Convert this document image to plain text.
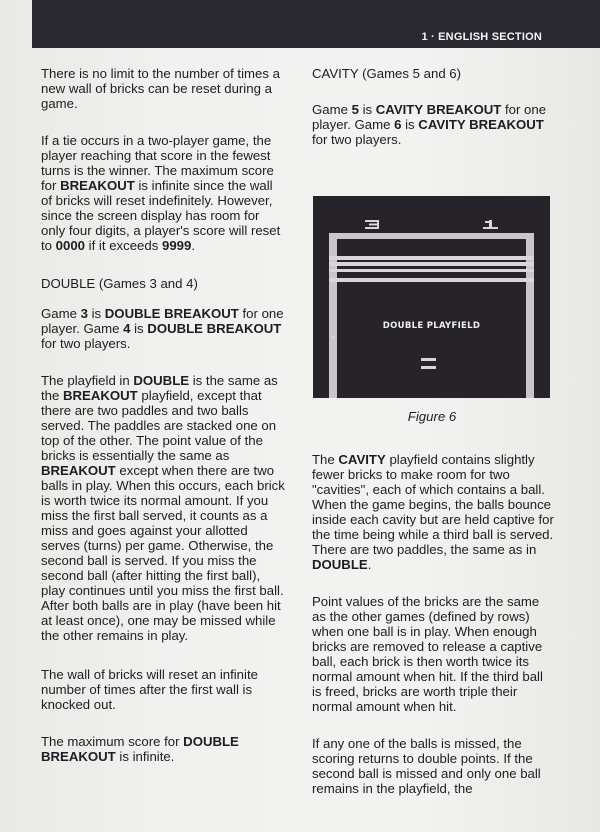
1 · ENGLISH SECTION

There is no limit to the number of times a new wall of bricks can be reset during a game.

If a tie occurs in a two-player game, the player reaching that score in the fewest turns is the winner. The maximum score for BREAKOUT is infinite since the wall of bricks will reset indefinitely. However, since the screen display has room for only four digits, a player's score will reset to 0000 if it exceeds 9999.

DOUBLE (Games 3 and 4)

Game 3 is DOUBLE BREAKOUT for one player. Game 4 is DOUBLE BREAKOUT for two players.

The playfield in DOUBLE is the same as the BREAKOUT playfield, except that there are two paddles and two balls served. The paddles are stacked one on top of the other. The point value of the bricks is essentially the same as BREAKOUT except when there are two balls in play. When this occurs, each brick is worth twice its normal amount. If you miss the first ball served, it counts as a miss and goes against your allotted serves (turns) per game. Otherwise, the second ball is served. If you miss the second ball (after hitting the first ball), play continues until you miss the first ball. After both balls are in play (have been hit at least once), one may be missed while the other remains in play.

The wall of bricks will reset an infinite number of times after the first wall is knocked out.

The maximum score for DOUBLE BREAKOUT is infinite.

CAVITY (Games 5 and 6)

Game 5 is CAVITY BREAKOUT for one player. Game 6 is CAVITY BREAKOUT for two players.

DOUBLE PLAYFIELD
Figure 6

The CAVITY playfield contains slightly fewer bricks to make room for two "cavities", each of which contains a ball. When the game begins, the balls bounce inside each cavity but are held captive for the time being while a third ball is served. There are two paddles, the same as in DOUBLE.

Point values of the bricks are the same as the other games (defined by rows) when one ball is in play. When enough bricks are removed to release a captive ball, each brick is then worth twice its normal amount when hit. If the third ball is freed, bricks are worth triple their normal amount when hit.

If any one of the balls is missed, the scoring returns to double points. If the second ball is missed and only one ball remains in the playfield, the
